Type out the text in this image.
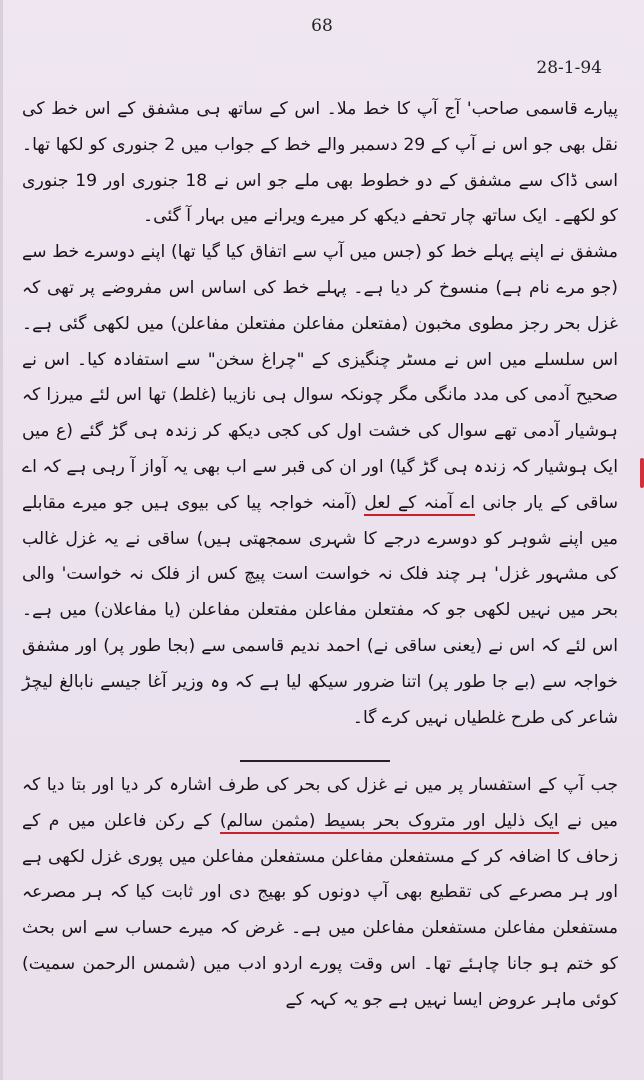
68
28-1-94

پیارے قاسمی صاحب' آج آپ کا خط ملا۔ اس کے ساتھ ہی مشفق کے اس خط کی نقل بھی جو اس نے آپ کے 29 دسمبر والے خط کے جواب میں 2 جنوری کو لکھا تھا۔ اسی ڈاک سے مشفق کے دو خطوط بھی ملے جو اس نے 18 جنوری اور 19 جنوری کو لکھے۔ ایک ساتھ چار تحفے دیکھ کر میرے ویرانے میں بہار آ گئی۔

مشفق نے اپنے پہلے خط کو (جس میں آپ سے اتفاق کیا گیا تھا) اپنے دوسرے خط سے (جو مرے نام ہے) منسوخ کر دیا ہے۔ پہلے خط کی اساس اس مفروضے پر تھی کہ غزل بحر رجز مطوی مخبون (مفتعلن مفاعلن مفتعلن مفاعلن) میں لکھی گئی ہے۔ اس سلسلے میں اس نے مسٹر چنگیزی کے "چراغ سخن" سے استفادہ کیا۔ اس نے صحیح آدمی کی مدد مانگی مگر چونکہ سوال ہی نازیبا (غلط) تھا اس لئے میرزا کہ ہوشیار آدمی تھے سوال کی خشت اول کی کجی دیکھ کر زندہ ہی گڑ گئے (ع میں ایک ہوشیار کہ زندہ ہی گڑ گیا) اور ان کی قبر سے اب بھی یہ آواز آ رہی ہے کہ اے ساقی کے یار جانی اے آمنہ کے لعل (آمنہ خواجہ پیا کی بیوی ہیں جو میرے مقابلے میں اپنے شوہر کو دوسرے درجے کا شہری سمجھتی ہیں) ساقی نے یہ غزل غالب کی مشہور غزل' ہر چند فلک نہ خواست است پیچ کس از فلک نہ خواست' والی بحر میں نہیں لکھی جو کہ مفتعلن مفاعلن مفتعلن مفاعلن (یا مفاعلان) میں ہے۔ اس لئے کہ اس نے (یعنی ساقی نے) احمد ندیم قاسمی سے (بجا طور پر) اور مشفق خواجہ سے (بے جا طور پر) اتنا ضرور سیکھ لیا ہے کہ وہ وزیر آغا جیسے نابالغ لیچڑ شاعر کی طرح غلطیاں نہیں کرے گا۔

جب آپ کے استفسار پر میں نے غزل کی بحر کی طرف اشارہ کر دیا اور بتا دیا کہ میں نے ایک ذلیل اور متروک بحر بسیط (مثمن سالم) کے رکن فاعلن میں م کے زحاف کا اضافہ کر کے مستفعلن مفاعلن مستفعلن مفاعلن میں پوری غزل لکھی ہے اور ہر مصرعے کی تقطیع بھی آپ دونوں کو بھیج دی اور ثابت کیا کہ ہر مصرعہ مستفعلن مفاعلن مستفعلن مفاعلن میں ہے۔ غرض کہ میرے حساب سے اس بحث کو ختم ہو جانا چاہئے تھا۔ اس وقت پورے اردو ادب میں (شمس الرحمن سمیت) کوئی ماہر عروض ایسا نہیں ہے جو یہ کہہ کے
